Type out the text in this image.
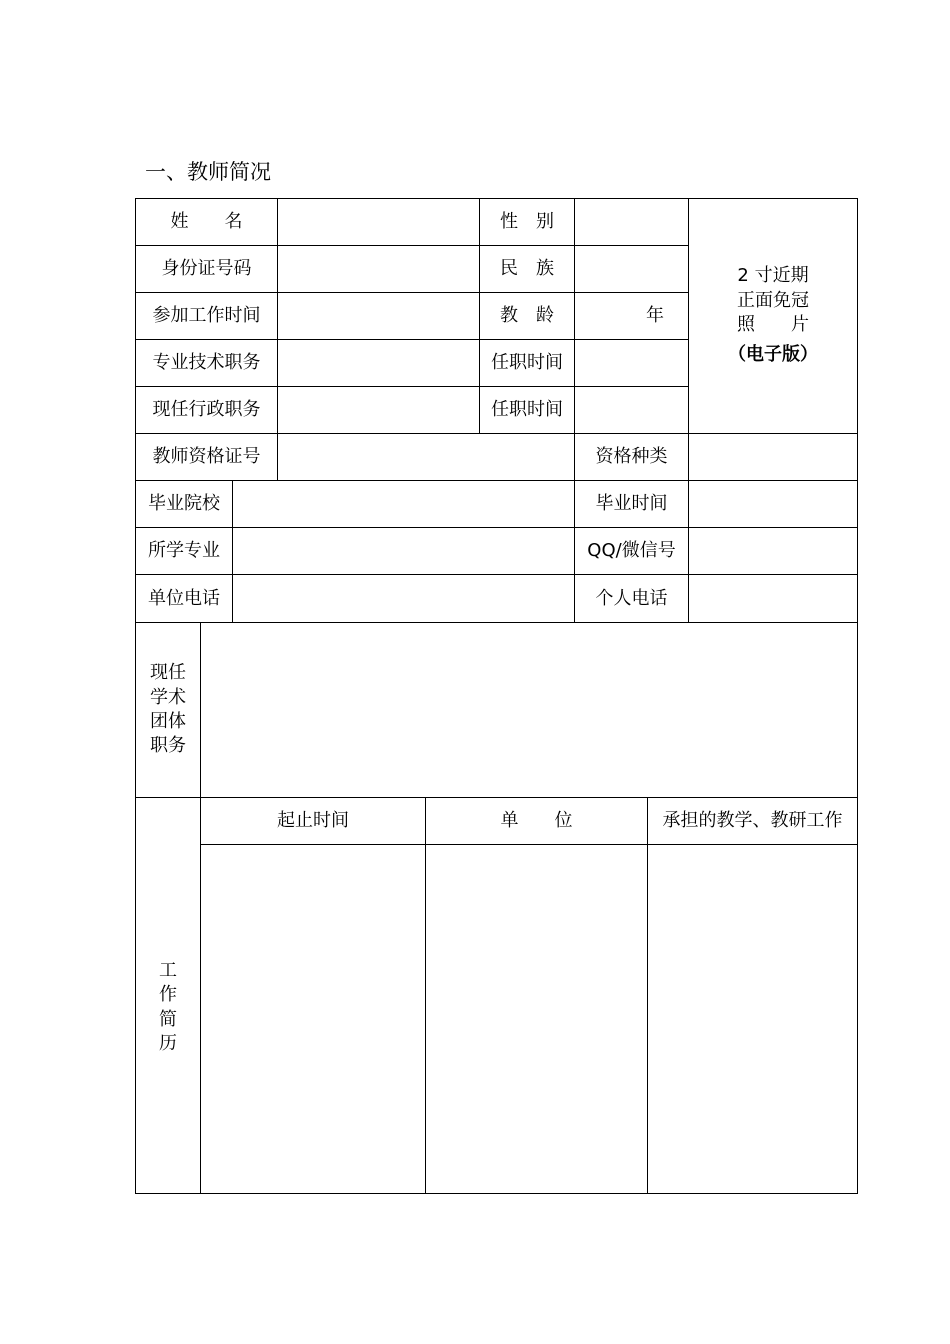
一、教师简况
姓　　名	性　别
2 寸近期
正面免冠
照　　片
（电子版）
身份证号码	民　族
参加工作时间	教　龄	年
专业技术职务	任职时间
现任行政职务	任职时间
教师资格证号	资格种类
毕业院校	毕业时间
所学专业	QQ/微信号
单位电话	个人电话
现任
学术
团体
职务
工
作
简
历
起止时间	单　　位	承担的教学、教研工作
